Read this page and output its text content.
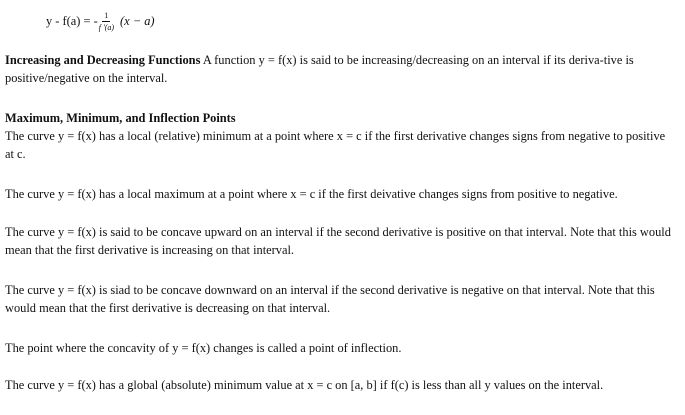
y - f(a) = - $\frac{1}{f '(a)} (x - a)$

Increasing and Decreasing Functions A function y = f(x) is said to be increasing/decreasing on an interval if its deriva-tive is positive/negative on the interval.

Maximum, Minimum, and Inflection Points

The curve y = f(x) has a local (relative) minimum at a point where x = c if the first derivative changes signs from negative to positive at c.

The curve y = f(x) has a local maximum at a point where x = c if the first deivative changes signs from positive to negative.

The curve y = f(x) is said to be concave upward on an interval if the second derivative is positive on that interval. Note that this would mean that the first derivative is increasing on that interval.

The curve y = f(x) is siad to be concave downward on an interval if the second derivative is negative on that interval. Note that this would mean that the first derivative is decreasing on that interval.

The point where the concavity of y = f(x) changes is called a point of inflection.

The curve y = f(x) has a global (absolute) minimum value at x = c on [a, b] if f(c) is less than all y values on the interval.
